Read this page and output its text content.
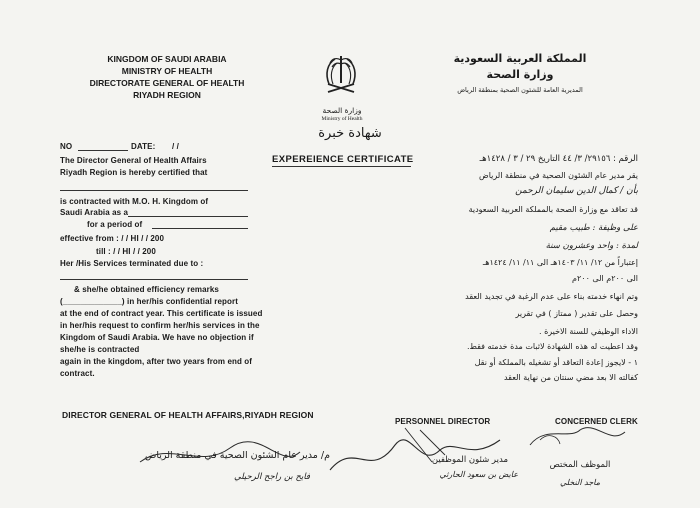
KINGDOM OF SAUDI ARABIA
MINISTRY OF HEALTH
DIRECTORATE GENERAL OF HEALTH
RIYADH REGION
وزارة الصحة
Ministry of Health
المملكة العربية السعودية
وزارة الصحة
المديرية العامة للشئون الصحية بمنطقة الرياض
شهادة خبرة
EXPEREIENCE CERTIFICATE
NO	DATE: / /
The Director General of Health Affairs
Riyadh Region is hereby certified that
is contracted with M.O. H. Kingdom of
Saudi Arabia as a
for a period of
effective from : / / HI / / 200
till : / / HI / / 200
Her /His Services terminated due to :
& she/he obtained efficiency remarks
(_____________) in her/his confidential report
at the end of contract year. This certificate is issued
in her/his request to confirm her/his services in the
Kingdom of Saudi Arabia. We have no objection if
she/he is contracted
again in the kingdom, after two years from end of
contract.
الرقم : ٢٩١٥٦/ ٣/ ٤٤ التاريخ ٢٩ / ٣ / ١٤٢٨هـ
يقر مدير عام الشئون الصحية في منطقة الرياض
بأن / كمال الدين سليمان الرحمن
قد تعاقد مع وزارة الصحة بالمملكة العربية السعودية
على وظيفة : طبيب مقيم
لمدة : واحد وعشرون سنة
إعتباراً من ١٢/ ١١/ ١٤٠٣هـ الى ١١/ ١١/ ١٤٢٤هـ
الى ٢٠٠م الى ٢٠٠م
وتم انهاء خدمته بناء على عدم الرغبة في تجديد العقد
وحصل على تقدير ( ممتاز ) في تقرير
الاداء الوظيفي للسنة الاخيرة .
وقد اعطيت له هذه الشهادة لاثبات مدة خدمته فقط.
١ - لايجوز إعادة التعاقد أو تشغيله بالمملكة أو نقل
كفالته الا بعد مضي سنتان من نهاية العقد
DIRECTOR GENERAL OF HEALTH AFFAIRS,RIYADH REGION
PERSONNEL DIRECTOR	CONCERNED CLERK
م/ مدير عام الشئون الصحية في منطقة الرياض
فايح بن راجح الرحيلي
مدير شئون الموظفين
عايض بن سعود الحارثي
الموظف المختص
ماجد النخلي
